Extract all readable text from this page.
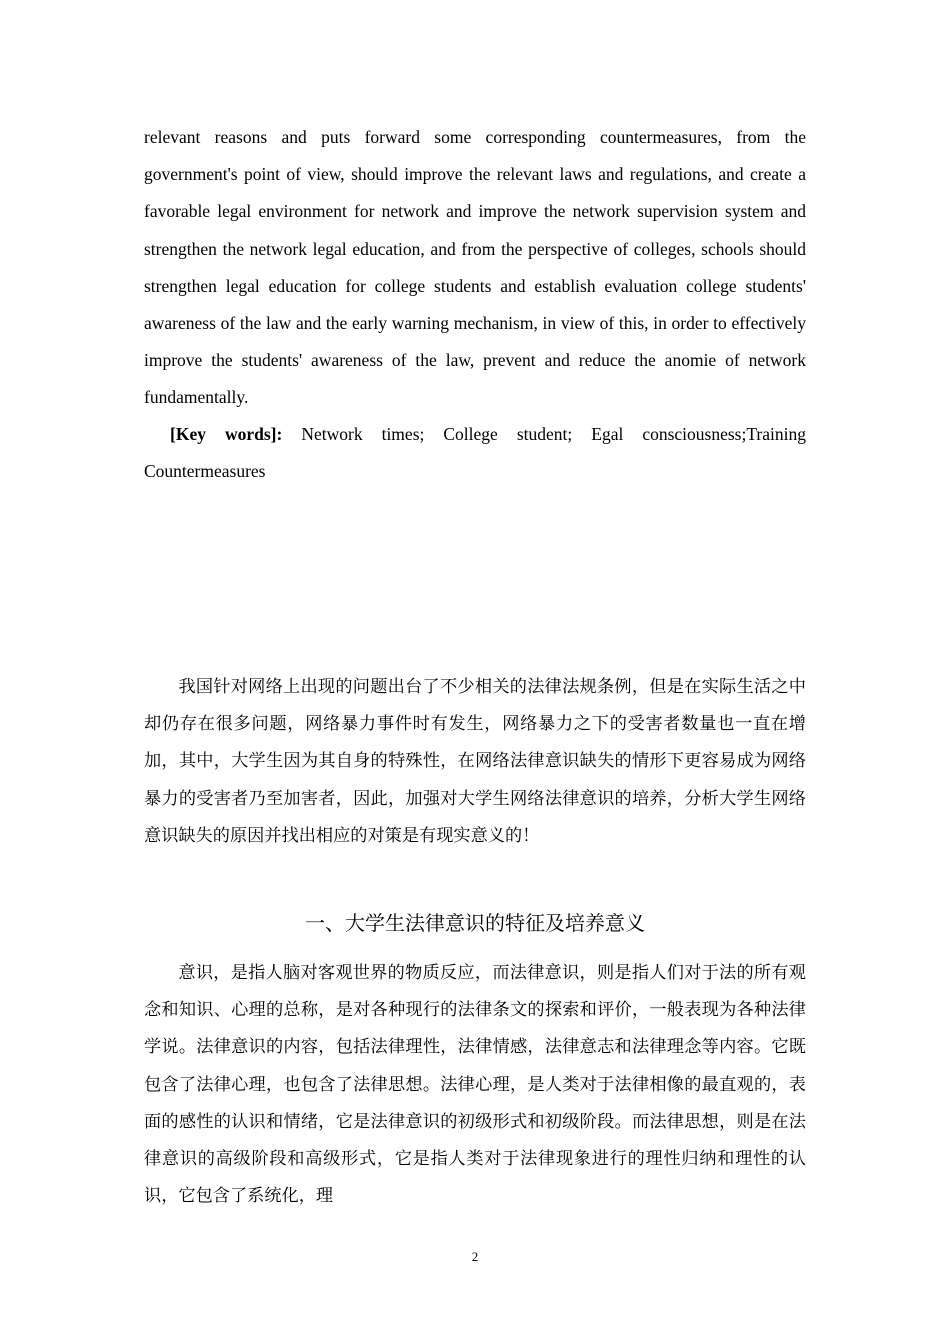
relevant reasons and puts forward some corresponding countermeasures, from the government's point of view, should improve the relevant laws and regulations, and create a favorable legal environment for network and improve the network supervision system and strengthen the network legal education, and from the perspective of colleges, schools should strengthen legal education for college students and establish evaluation college students' awareness of the law and the early warning mechanism, in view of this, in order to effectively improve the students' awareness of the law, prevent and reduce the anomie of network fundamentally.

[Key words]: Network times; College student; Egal consciousness;Training Countermeasures

我国针对网络上出现的问题出台了不少相关的法律法规条例，但是在实际生活之中却仍存在很多问题，网络暴力事件时有发生，网络暴力之下的受害者数量也一直在增加，其中，大学生因为其自身的特殊性，在网络法律意识缺失的情形下更容易成为网络暴力的受害者乃至加害者，因此，加强对大学生网络法律意识的培养，分析大学生网络意识缺失的原因并找出相应的对策是有现实意义的！

一、大学生法律意识的特征及培养意义

意识，是指人脑对客观世界的物质反应，而法律意识，则是指人们对于法的所有观念和知识、心理的总称，是对各种现行的法律条文的探索和评价，一般表现为各种法律学说。法律意识的内容，包括法律理性，法律情感，法律意志和法律理念等内容。它既包含了法律心理，也包含了法律思想。法律心理，是人类对于法律相像的最直观的，表面的感性的认识和情绪，它是法律意识的初级形式和初级阶段。而法律思想，则是在法律意识的高级阶段和高级形式，它是指人类对于法律现象进行的理性归纳和理性的认识，它包含了系统化，理

2
